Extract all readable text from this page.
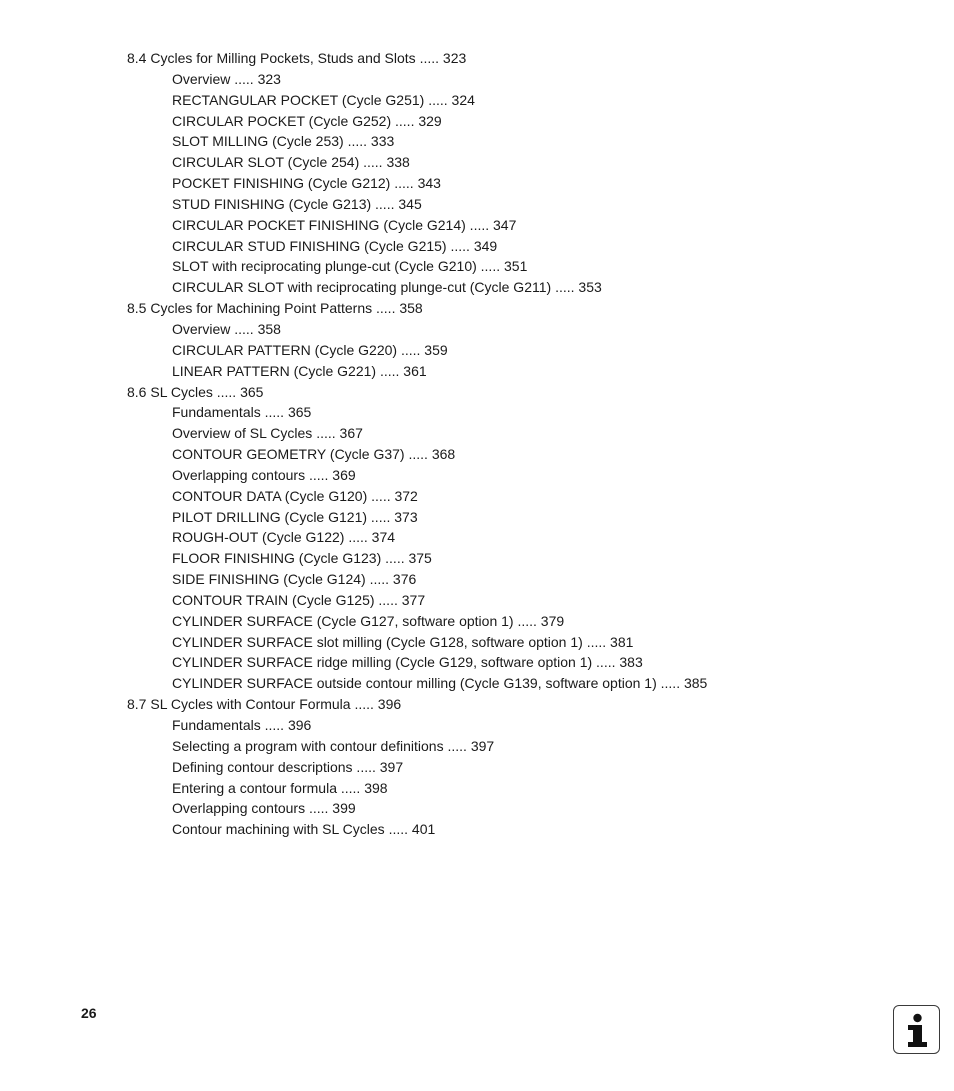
8.4 Cycles for Milling Pockets, Studs and Slots ..... 323
Overview ..... 323
RECTANGULAR POCKET (Cycle G251) ..... 324
CIRCULAR POCKET (Cycle G252) ..... 329
SLOT MILLING (Cycle 253) ..... 333
CIRCULAR SLOT (Cycle 254) ..... 338
POCKET FINISHING (Cycle G212) ..... 343
STUD FINISHING (Cycle G213) ..... 345
CIRCULAR POCKET FINISHING (Cycle G214) ..... 347
CIRCULAR STUD FINISHING (Cycle G215) ..... 349
SLOT with reciprocating plunge-cut (Cycle G210) ..... 351
CIRCULAR SLOT with reciprocating plunge-cut (Cycle G211) ..... 353
8.5 Cycles for Machining Point Patterns ..... 358
Overview ..... 358
CIRCULAR PATTERN (Cycle G220) ..... 359
LINEAR PATTERN (Cycle G221) ..... 361
8.6 SL Cycles ..... 365
Fundamentals ..... 365
Overview of SL Cycles ..... 367
CONTOUR GEOMETRY (Cycle G37) ..... 368
Overlapping contours ..... 369
CONTOUR DATA (Cycle G120) ..... 372
PILOT DRILLING (Cycle G121) ..... 373
ROUGH-OUT (Cycle G122) ..... 374
FLOOR FINISHING (Cycle G123) ..... 375
SIDE FINISHING (Cycle G124) ..... 376
CONTOUR TRAIN (Cycle G125) ..... 377
CYLINDER SURFACE (Cycle G127, software option 1) ..... 379
CYLINDER SURFACE slot milling (Cycle G128, software option 1) ..... 381
CYLINDER SURFACE ridge milling (Cycle G129, software option 1) ..... 383
CYLINDER SURFACE outside contour milling (Cycle G139, software option 1) ..... 385
8.7 SL Cycles with Contour Formula ..... 396
Fundamentals ..... 396
Selecting a program with contour definitions ..... 397
Defining contour descriptions ..... 397
Entering a contour formula ..... 398
Overlapping contours ..... 399
Contour machining with SL Cycles ..... 401
26
